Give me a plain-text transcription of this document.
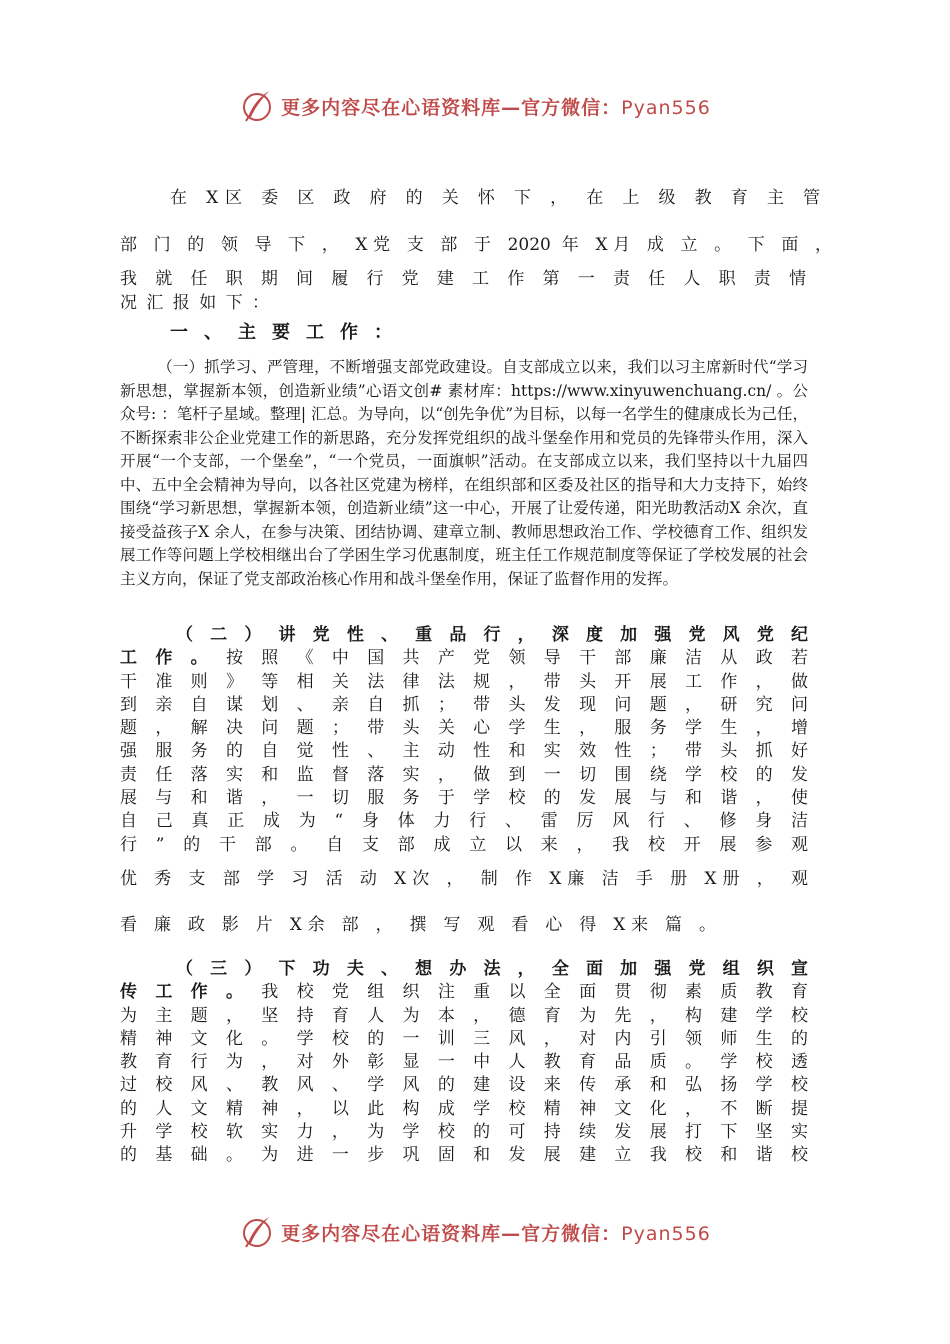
更多内容尽在心语资料库—官方微信：Pyan556
在 X区 委 区 政 府 的 关 怀 下 ， 在 上 级 教 育 主 管
部 门 的 领 导 下 ， X党 支 部 于 2020 年 X月 成 立 。 下 面 ，
我 就 任 职 期 间 履 行 党 建 工 作 第 一 责 任 人 职 责 情
况 汇 报 如 下 ：
一、主要工作：
（一）抓学习、严管理，不断增强支部党政建设。自支部成立以来，我们以习主席新时代“学习新思想，掌握新本领，创造新业绩”心语文创# 素材库：https://www.xinyuwenchuang.cn/ 。公众号: ：笔杆子星域。整理| 汇总。为导向，以“创先争优”为目标，以每一名学生的健康成长为己任，不断探索非公企业党建工作的新思路，充分发挥党组织的战斗堡垒作用和党员的先锋带头作用，深入开展“一个支部，一个堡垒”，“一个党员，一面旗帜”活动。在支部成立以来，我们坚持以十九届四中、五中全会精神为导向，以各社区党建为榜样，在组织部和区委及社区的指导和大力支持下，始终围绕“学习新思想，掌握新本领，创造新业绩”这一中心，开展了让爱传递，阳光助教活动X 余次，直接受益孩子X 余人，在参与决策、团结协调、建章立制、教师思想政治工作、学校德育工作、组织发展工作等问题上学校相继出台了学困生学习优惠制度，班主任工作规范制度等保证了学校发展的社会主义方向，保证了党支部政治核心作用和战斗堡垒作用，保证了监督作用的发挥。
（二）讲党性、重品行，深度加强党风党纪
工作。按照《中国共产党领导干部廉洁从政若
干准则》等相关法律法规，带头开展工作，做
到亲自谋划、亲自抓；带头发现问题，研究问
题，解决问题；带头关心学生，服务学生，增
强服务的自觉性、主动性和实效性；带头抓好
责任落实和监督落实，做到一切围绕学校的发
展与和谐，一切服务于学校的发展与和谐，使
自己真正成为“身体力行、雷厉风行、修身洁
行”的干部。自支部成立以来，我校开展参观
优 秀 支 部 学 习 活 动 X次 ， 制 作 X廉 洁 手 册 X册 ， 观
看 廉 政 影 片 X余 部 ， 撰 写 观 看 心 得 X来 篇 。
（三）下功夫、想办法，全面加强党组织宣
传工作。我校党组织注重以全面贯彻素质教育
为主题，坚持育人为本，德育为先，构建学校
精神文化。学校的一训三风，对内引领师生的
教育行为，对外彰显一中人教育品质。学校透
过校风、教风、学风的建设来传承和弘扬学校
的人文精神，以此构成学校精神文化，不断提
升学校软实力，为学校的可持续发展打下坚实
的基础。为进一步巩固和发展建立我校和谐校
更多内容尽在心语资料库—官方微信：Pyan556
